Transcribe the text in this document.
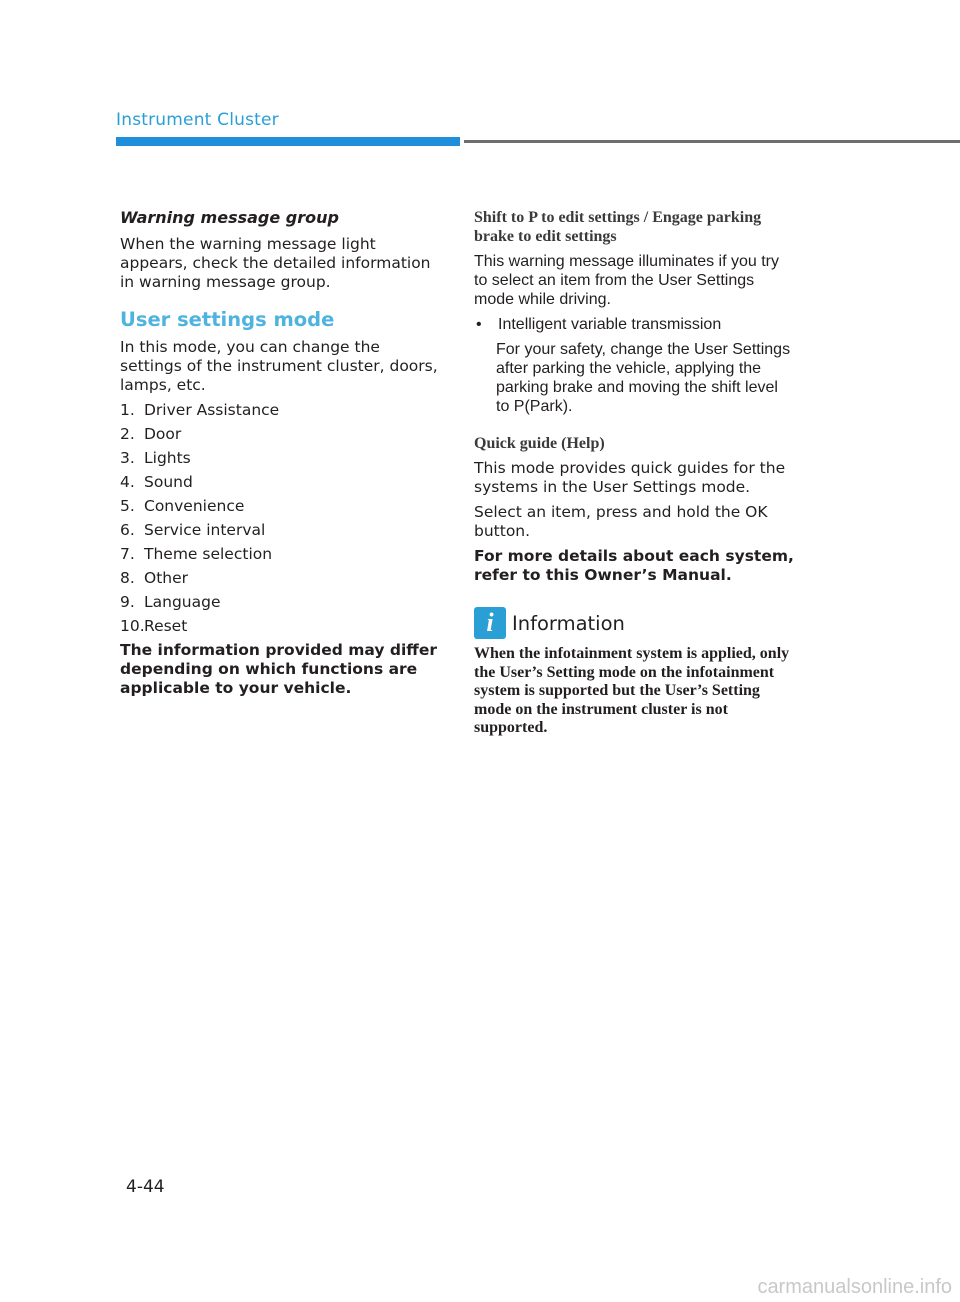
Instrument Cluster
Warning message group

When the warning message light appears, check the detailed information in warning message group.

User settings mode

In this mode, you can change the settings of the instrument cluster, doors, lamps, etc.

1. Driver Assistance
2. Door
3. Lights
4. Sound
5. Convenience
6. Service interval
7. Theme selection
8. Other
9. Language
10. Reset

The information provided may differ depending on which functions are applicable to your vehicle.

Shift to P to edit settings / Engage parking brake to edit settings

This warning message illuminates if you try to select an item from the User Settings mode while driving.

•	Intelligent variable transmission

For your safety, change the User Settings after parking the vehicle, applying the parking brake and moving the shift level to P(Park).

Quick guide (Help)

This mode provides quick guides for the systems in the User Settings mode.

Select an item, press and hold the OK button.

For more details about each system, refer to this Owner’s Manual.

i Information

When the infotainment system is applied, only the User’s Setting mode on the infotainment system is supported but the User’s Setting mode on the instrument cluster is not supported.

4-44
carmanualsonline.info
